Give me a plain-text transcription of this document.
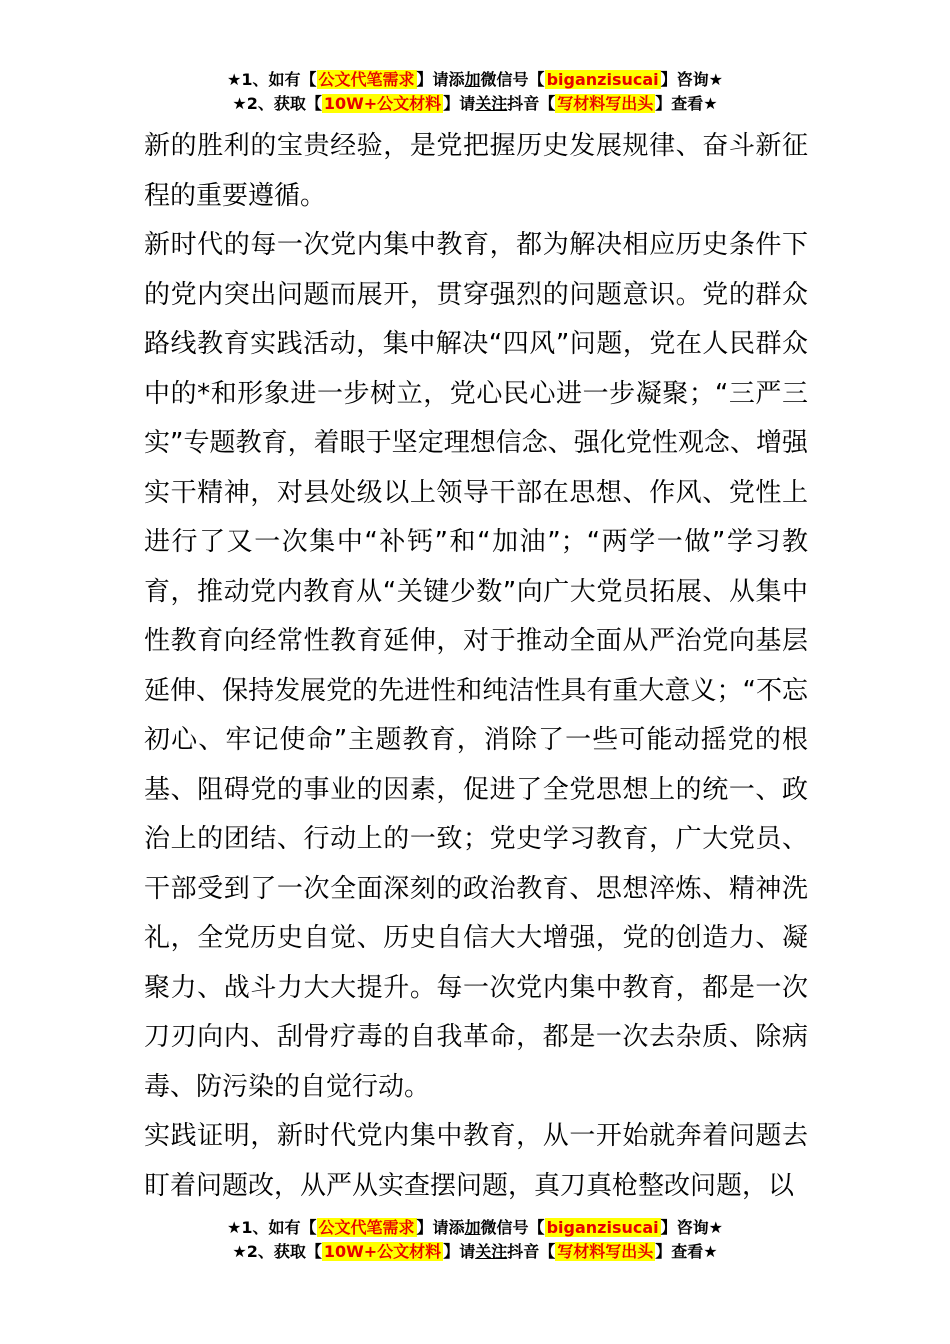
★1、如有【 公文代笔需求 】请添加微信号【 biganzisucai 】咨询★
★2、获取【 10W+公文材料 】请关注抖音【 写材料写出头 】查看★

新的胜利的宝贵经验，是党把握历史发展规律、奋斗新征程的重要遵循。

新时代的每一次党内集中教育，都为解决相应历史条件下的党内突出问题而展开，贯穿强烈的问题意识。党的群众路线教育实践活动，集中解决“四风”问题，党在人民群众中的*和形象进一步树立，党心民心进一步凝聚；“三严三实”专题教育，着眼于坚定理想信念、强化党性观念、增强实干精神，对县处级以上领导干部在思想、作风、党性上进行了又一次集中“补钙”和“加油”；“两学一做”学习教育，推动党内教育从“关键少数”向广大党员拓展、从集中性教育向经常性教育延伸，对于推动全面从严治党向基层延伸、保持发展党的先进性和纯洁性具有重大意义；“不忘初心、牢记使命”主题教育，消除了一些可能动摇党的根基、阻碍党的事业的因素，促进了全党思想上的统一、政治上的团结、行动上的一致；党史学习教育，广大党员、干部受到了一次全面深刻的政治教育、思想淬炼、精神洗礼，全党历史自觉、历史自信大大增强，党的创造力、凝聚力、战斗力大大提升。每一次党内集中教育，都是一次刀刃向内、刮骨疗毒的自我革命，都是一次去杂质、除病毒、防污染的自觉行动。

实践证明，新时代党内集中教育，从一开始就奔着问题去盯着问题改，从严从实查摆问题，真刀真枪整改问题，以

★1、如有【 公文代笔需求 】请添加微信号【 biganzisucai 】咨询★
★2、获取【 10W+公文材料 】请关注抖音【 写材料写出头 】查看★
